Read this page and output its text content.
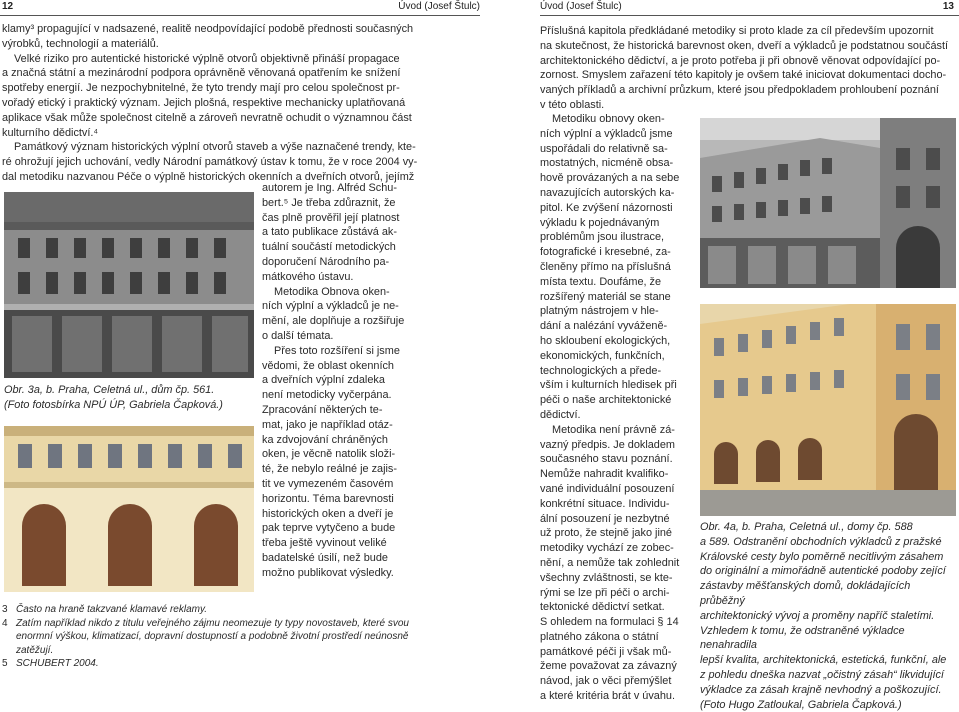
12	Úvod (Josef Štulc)	Úvod (Josef Štulc)	13

klamy³ propagující v nadsazené, realitě neodpovídající podobě přednosti současných

výrobků, technologií a materiálů.

Velké riziko pro autentické historické výplně otvorů objektivně přináší propagace

a značná státní a mezinárodní podpora oprávněně věnovaná opatřením ke snížení

spotřeby energií. Je nezpochybnitelné, že tyto trendy mají pro celou společnost pr-

vořadý etický i praktický význam. Jejich plošná, respektive mechanicky uplatňovaná

aplikace však může společnost citelně a zároveň nevratně ochudit o významnou část

kulturního dědictví.⁴

Památkový význam historických výplní otvorů staveb a výše naznačené trendy, kte-

ré ohrožují jejich uchování, vedly Národní památkový ústav k tomu, že v roce 2004 vy-

dal metodiku nazvanou Péče o výplně historických okenních a dveřních otvorů, jejímž

autorem je Ing. Alfréd Schu-

bert.⁵ Je třeba zdůraznit, že

čas plně prověřil její platnost

a tato publikace zůstává ak-

tuální součástí metodických

doporučení Národního pa-

mátkového ústavu.

Metodika Obnova oken-

ních výplní a výkladců je ne-

mění, ale doplňuje a rozšiřuje

o další témata.

Přes toto rozšíření si jsme

vědomi, že oblast okenních

a dveřních výplní zdaleka

není metodicky vyčerpána.

Zpracování některých te-

mat, jako je například otáz-

ka zdvojování chráněných

oken, je věcně natolik složi-

té, že nebylo reálné je zajis-

tit ve vymezeném časovém

horizontu. Téma barevnosti

historických oken a dveří je

pak teprve vytyčeno a bude

třeba ještě vyvinout veliké

badatelské úsilí, než bude

možno publikovat výsledky.

Obr. 3a, b. Praha, Celetná ul., dům čp. 561.
(Foto fotosbírka NPÚ ÚP, Gabriela Čapková.)
3 Často na hraně takzvané klamavé reklamy.
4 Zatím například nikdo z titulu veřejného zájmu neomezuje ty typy novostaveb, které svou enormní výškou, klimatizací, dopravní dostupností a podobně životní prostředí neúnosně zatěžují.
5 SCHUBERT 2004.

Příslušná kapitola předkládané metodiky si proto klade za cíl především upozornit

na skutečnost, že historická barevnost oken, dveří a výkladců je podstatnou součástí

architektonického dědictví, a je proto potřeba ji při obnově věnovat odpovídající po-

zornost. Smyslem zařazení této kapitoly je ovšem také iniciovat dokumentaci docho-

vaných příkladů a archivní průzkum, které jsou předpokladem prohloubení poznání

v této oblasti.

Metodiku obnovy oken-

ních výplní a výkladců jsme

uspořádali do relativně sa-

mostatných, nicméně obsa-

hově provázaných a na sebe

navazujících autorských ka-

pitol. Ke zvýšení názornosti

výkladu k pojednávaným

problémům jsou ilustrace,

fotografické i kresebné, za-

členěny přímo na příslušná

místa textu. Doufáme, že

rozšířený materiál se stane

platným nástrojem v hle-

dání a nalézání vyváženě-

ho skloubení ekologických,

ekonomických, funkčních,

technologických a přede-

vším i kulturních hledisek při

péči o naše architektonické

dědictví.

Metodika není právně zá-

vazný předpis. Je dokladem

současného stavu poznání.

Nemůže nahradit kvalifiko-

vané individuální posouzení

konkrétní situace. Individu-

ální posouzení je nezbytné

už proto, že stejně jako jiné

metodiky vychází ze zobec-

nění, a nemůže tak zohlednit

všechny zvláštnosti, se kte-

rými se lze při péči o archi-

tektonické dědictví setkat.

S ohledem na formulaci § 14

platného zákona o státní

památkové péči ji však mů-

žeme považovat za závazný

návod, jak o věci přemýšlet

a které kritéria brát v úvahu.

Obr. 4a, b. Praha, Celetná ul., domy čp. 588
a 589. Odstranění obchodních výkladců z pražské
Královské cesty bylo poměrně necitlivým zásahem
do originální a mimořádně autentické podoby zející
zástavby měšťanských domů, dokládajících průběžný
architektonický vývoj a proměny napříč staletími.
Vzhledem k tomu, že odstraněné výkladce nenahradila
lepší kvalita, architektonická, estetická, funkční, ale
z pohledu dneška nazvat „očistný zásah“ likvidující
výkladce za zásah krajně nevhodný a poškozující.
(Foto Hugo Zatloukal, Gabriela Čapková.)
